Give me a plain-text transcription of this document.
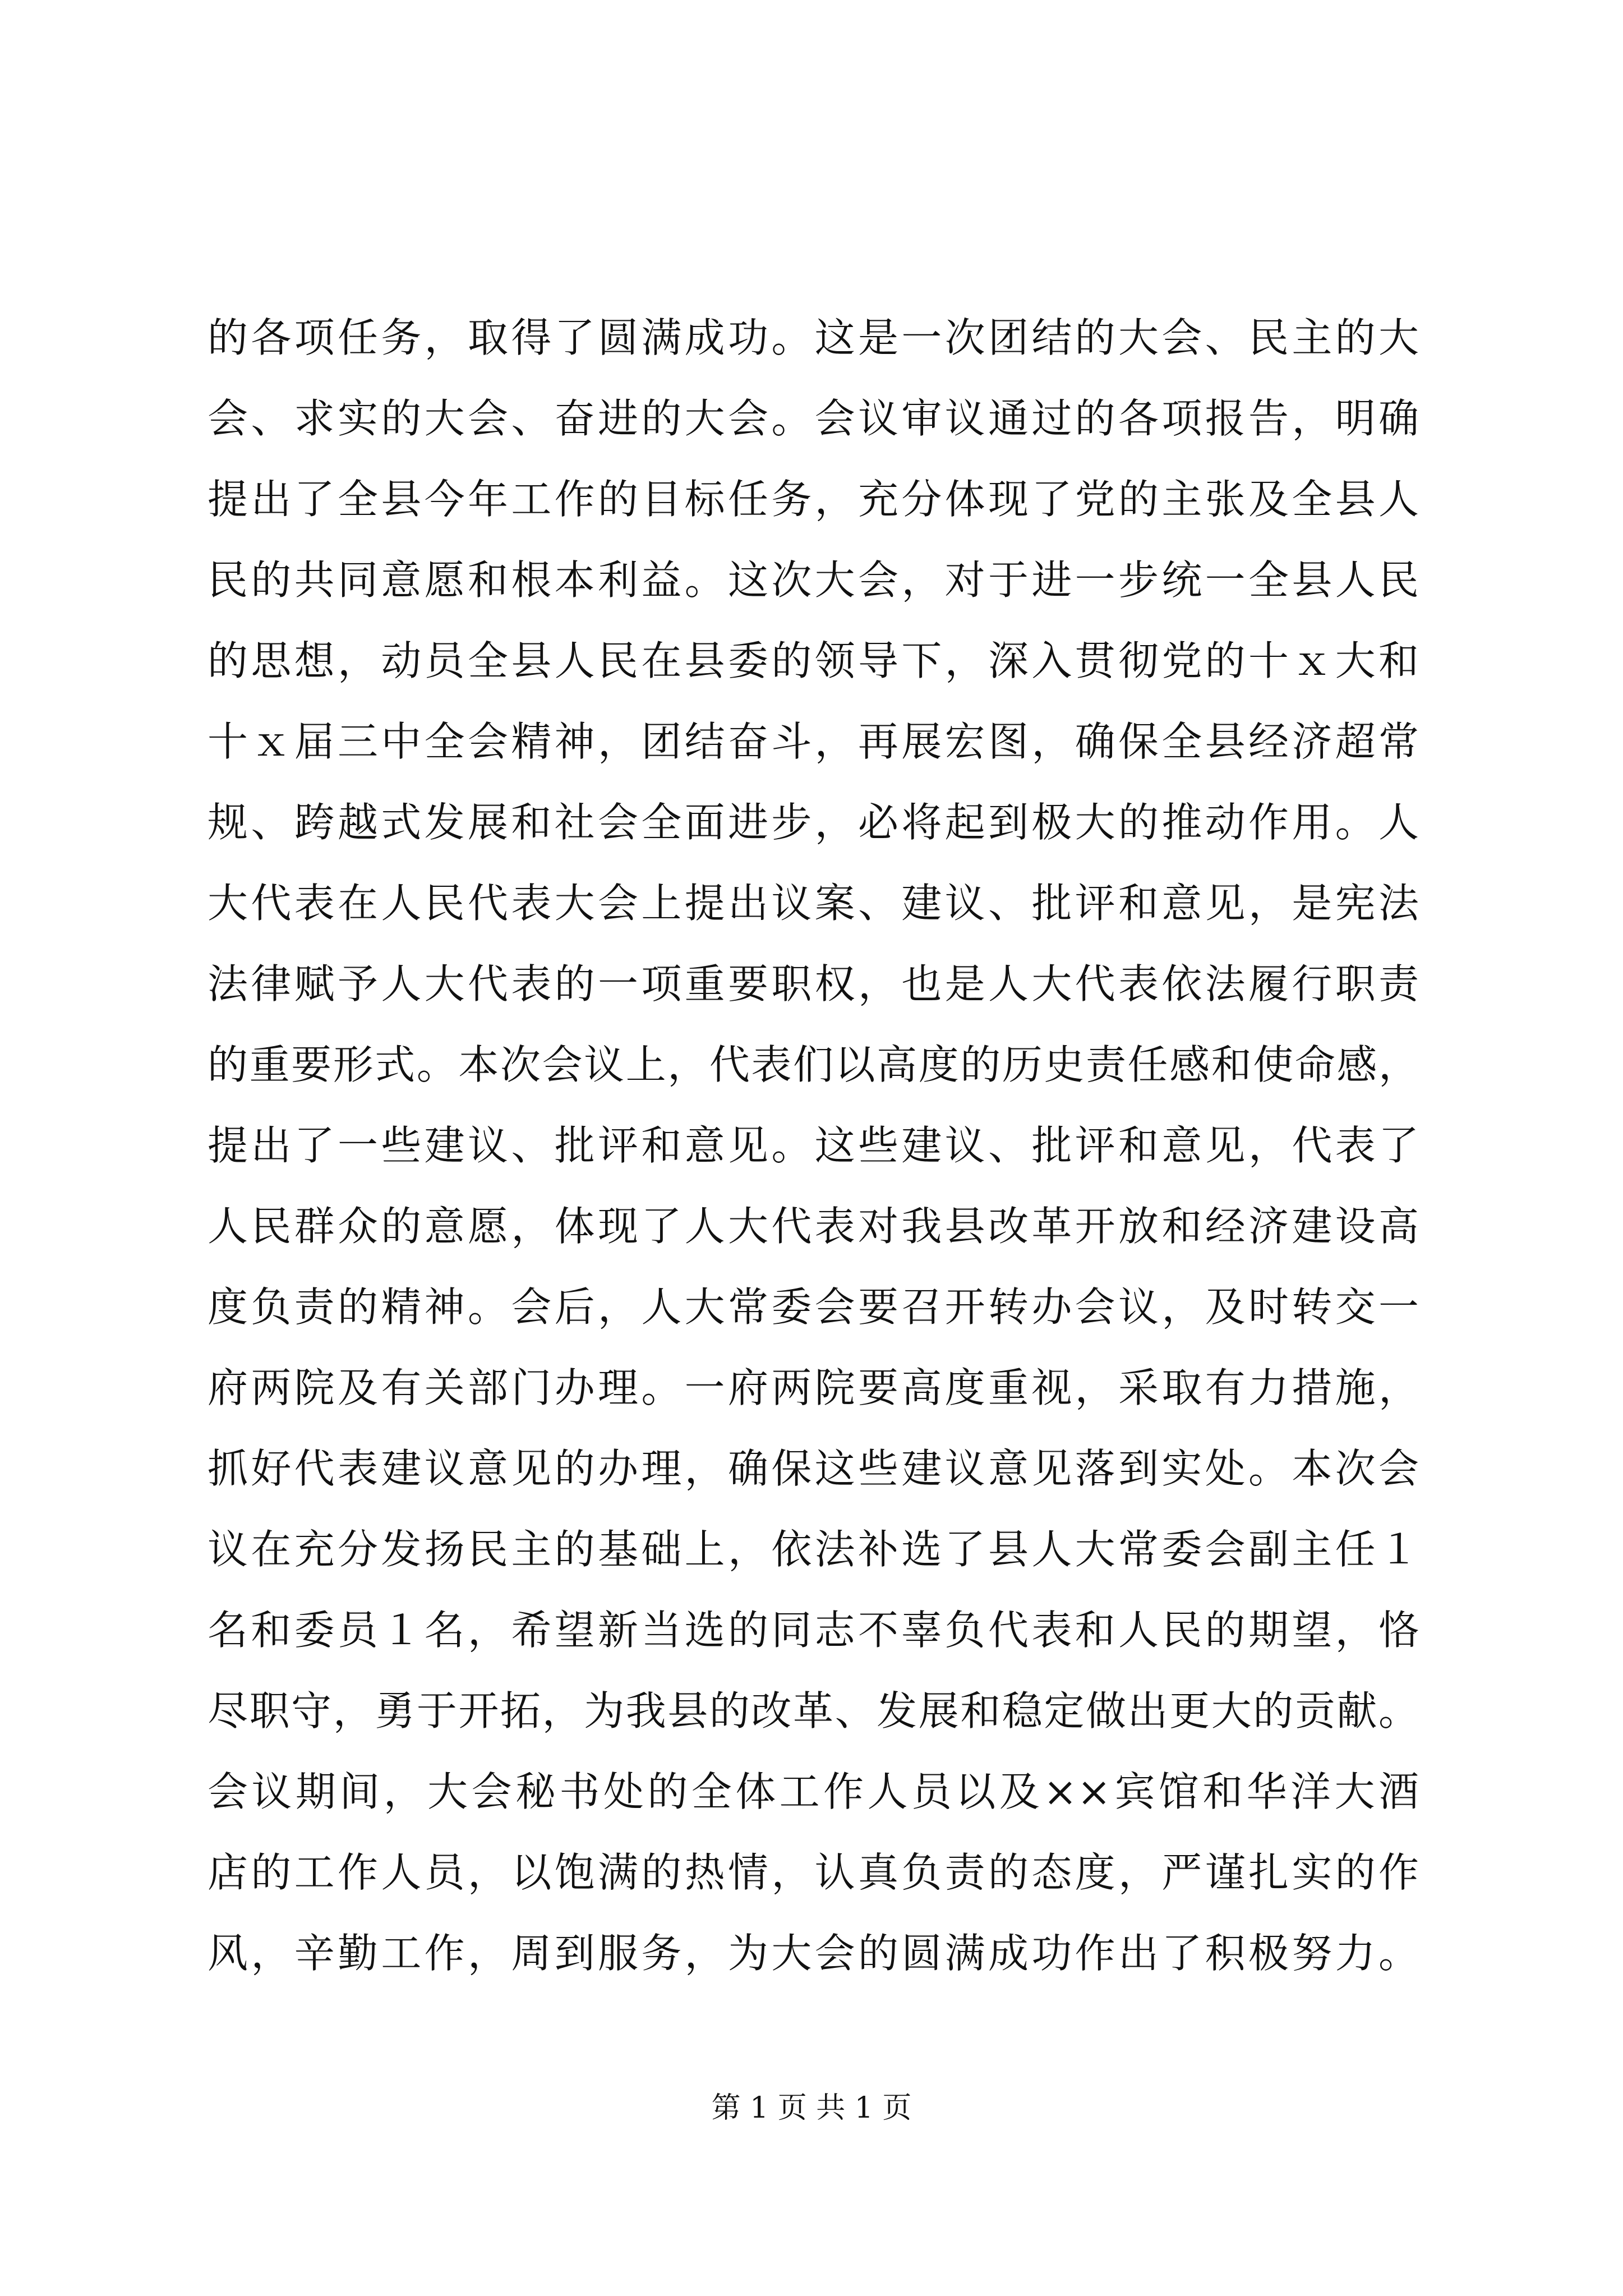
的各项任务，取得了圆满成功。这是一次团结的大会、民主的大
会、求实的大会、奋进的大会。会议审议通过的各项报告，明确
提出了全县今年工作的目标任务，充分体现了党的主张及全县人
民的共同意愿和根本利益。这次大会，对于进一步统一全县人民
的思想，动员全县人民在县委的领导下，深入贯彻党的十ｘ大和
十ｘ届三中全会精神，团结奋斗，再展宏图，确保全县经济超常
规、跨越式发展和社会全面进步，必将起到极大的推动作用。人
大代表在人民代表大会上提出议案、建议、批评和意见，是宪法
法律赋予人大代表的一项重要职权，也是人大代表依法履行职责
的重要形式。本次会议上，代表们以高度的历史责任感和使命感，
提出了一些建议、批评和意见。这些建议、批评和意见，代表了
人民群众的意愿，体现了人大代表对我县改革开放和经济建设高
度负责的精神。会后，人大常委会要召开转办会议，及时转交一
府两院及有关部门办理。一府两院要高度重视，采取有力措施，
抓好代表建议意见的办理，确保这些建议意见落到实处。本次会
议在充分发扬民主的基础上，依法补选了县人大常委会副主任１
名和委员１名，希望新当选的同志不辜负代表和人民的期望，恪
尽职守，勇于开拓，为我县的改革、发展和稳定做出更大的贡献。
会议期间，大会秘书处的全体工作人员以及××宾馆和华洋大酒
店的工作人员，以饱满的热情，认真负责的态度，严谨扎实的作
风，辛勤工作，周到服务，为大会的圆满成功作出了积极努力。
第 1 页 共 1 页
